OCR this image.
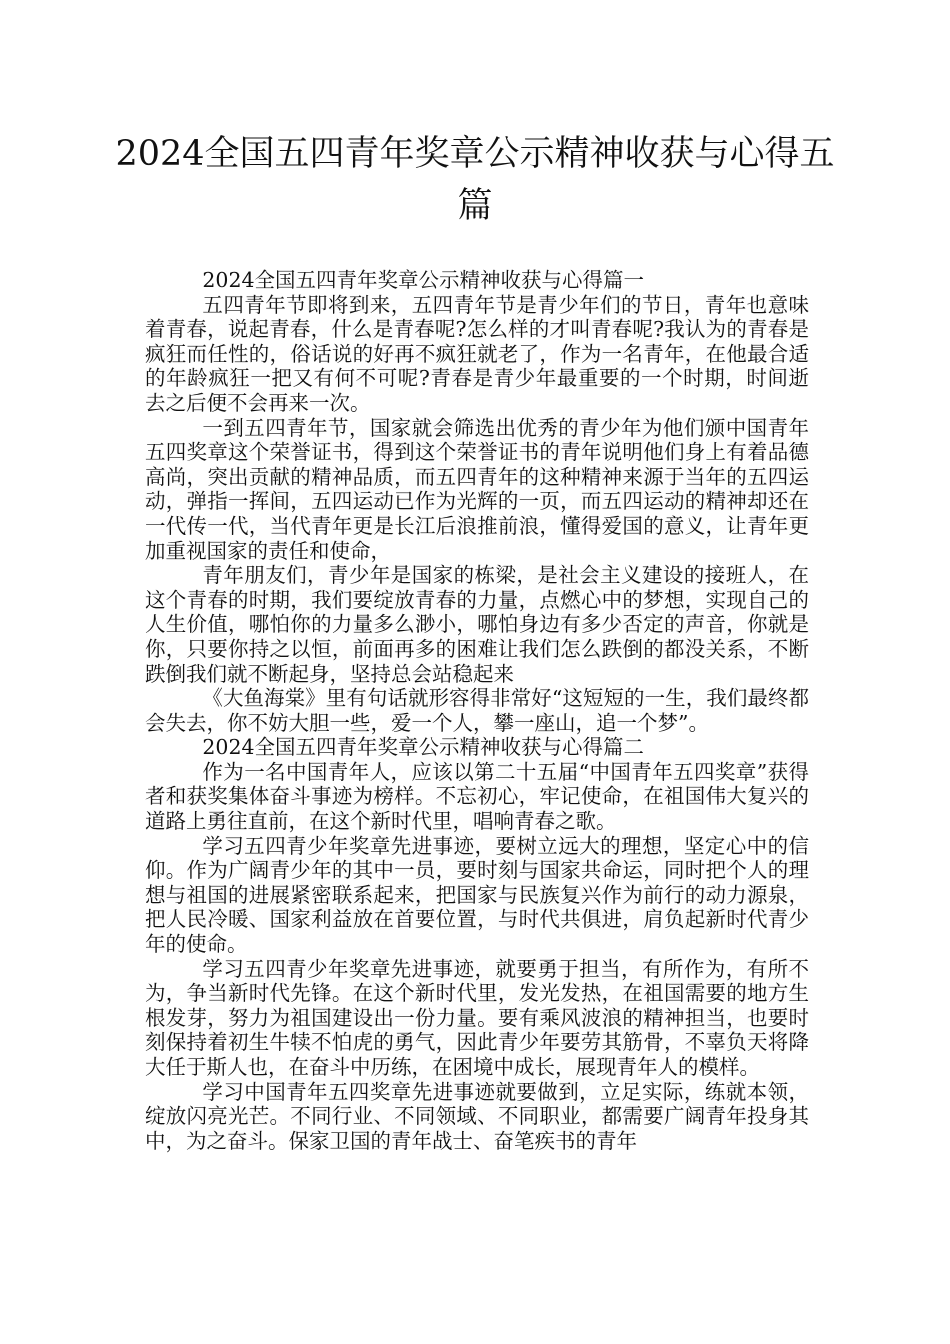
2024全国五四青年奖章公示精神收获与心得五篇

2024全国五四青年奖章公示精神收获与心得篇一

五四青年节即将到来，五四青年节是青少年们的节日，青年也意味着青春，说起青春，什么是青春呢?怎么样的才叫青春呢?我认为的青春是疯狂而任性的，俗话说的好再不疯狂就老了，作为一名青年，在他最合适的年龄疯狂一把又有何不可呢?青春是青少年最重要的一个时期，时间逝去之后便不会再来一次。

一到五四青年节，国家就会筛选出优秀的青少年为他们颁中国青年五四奖章这个荣誉证书，得到这个荣誉证书的青年说明他们身上有着品德高尚，突出贡献的精神品质，而五四青年的这种精神来源于当年的五四运动，弹指一挥间，五四运动已作为光辉的一页，而五四运动的精神却还在一代传一代，当代青年更是长江后浪推前浪，懂得爱国的意义，让青年更加重视国家的责任和使命，

青年朋友们，青少年是国家的栋梁，是社会主义建设的接班人，在这个青春的时期，我们要绽放青春的力量，点燃心中的梦想，实现自己的人生价值，哪怕你的力量多么渺小，哪怕身边有多少否定的声音，你就是你，只要你持之以恒，前面再多的困难让我们怎么跌倒的都没关系，不断跌倒我们就不断起身，坚持总会站稳起来

《大鱼海棠》里有句话就形容得非常好“这短短的一生，我们最终都会失去，你不妨大胆一些，爱一个人，攀一座山，追一个梦”。

2024全国五四青年奖章公示精神收获与心得篇二

作为一名中国青年人，应该以第二十五届“中国青年五四奖章”获得者和获奖集体奋斗事迹为榜样。不忘初心，牢记使命，在祖国伟大复兴的道路上勇往直前，在这个新时代里，唱响青春之歌。

学习五四青少年奖章先进事迹，要树立远大的理想，坚定心中的信仰。作为广阔青少年的其中一员，要时刻与国家共命运，同时把个人的理想与祖国的进展紧密联系起来，把国家与民族复兴作为前行的动力源泉，把人民冷暖、国家利益放在首要位置，与时代共俱进，肩负起新时代青少年的使命。

学习五四青少年奖章先进事迹，就要勇于担当，有所作为，有所不为，争当新时代先锋。在这个新时代里，发光发热，在祖国需要的地方生根发芽，努力为祖国建设出一份力量。要有乘风波浪的精神担当，也要时刻保持着初生牛犊不怕虎的勇气，因此青少年要劳其筋骨，不辜负天将降大任于斯人也，在奋斗中历练，在困境中成长，展现青年人的模样。

学习中国青年五四奖章先进事迹就要做到，立足实际，练就本领，绽放闪亮光芒。不同行业、不同领域、不同职业，都需要广阔青年投身其中，为之奋斗。保家卫国的青年战士、奋笔疾书的青年
